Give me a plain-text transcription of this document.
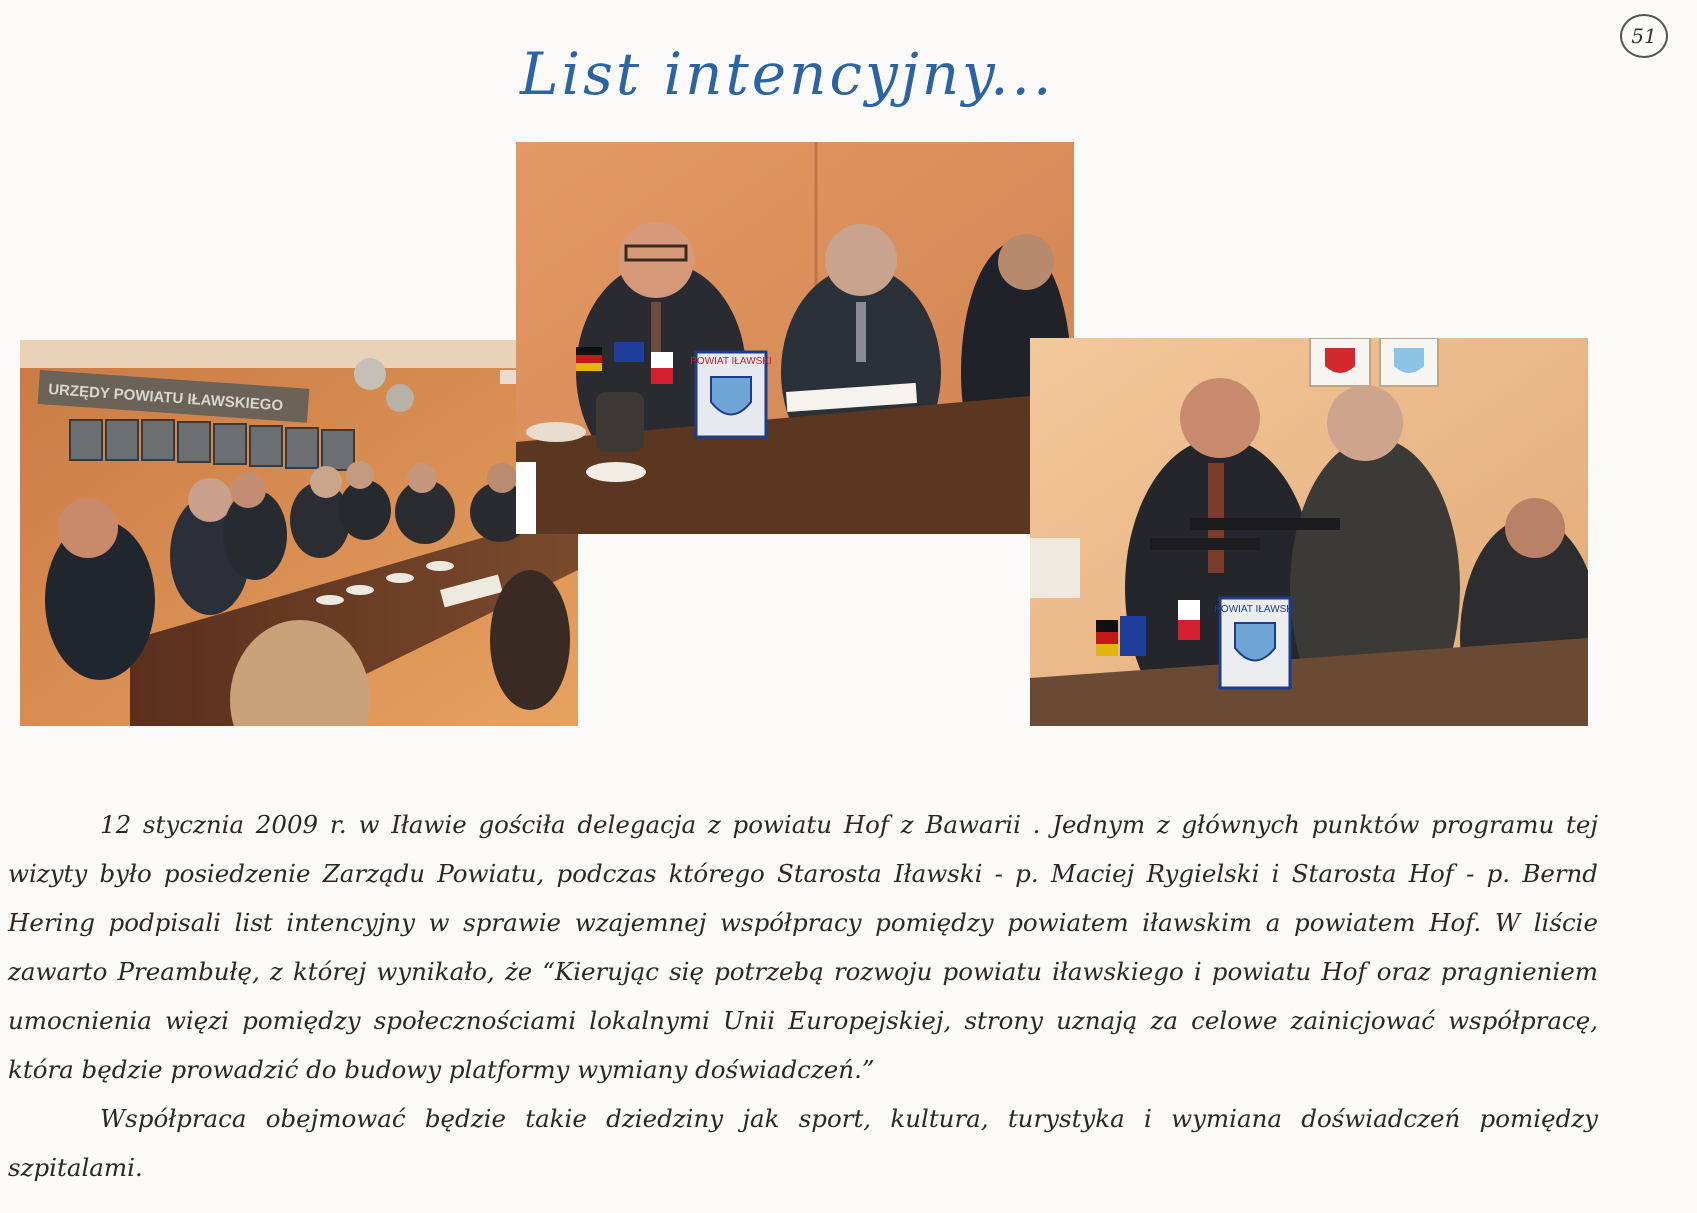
51
List intencyjny...
URZĘDY POWIATU IŁAWSKIEGO
POWIAT IŁAWSKI
POWIAT IŁAWSKI

12 stycznia 2009 r. w Iławie gościła delegacja z powiatu Hof z Bawarii . Jednym z głównych punktów programu tej wizyty było posiedzenie Zarządu Powiatu, podczas którego Starosta Iławski - p. Maciej Rygielski i Starosta Hof - p. Bernd Hering podpisali list intencyjny w sprawie wzajemnej współpracy pomiędzy powiatem iławskim a powiatem Hof. W liście zawarto Preambułę, z której wynikało, że “Kierując się potrzebą rozwoju powiatu iławskiego i powiatu Hof oraz pragnieniem umocnienia więzi pomiędzy społecznościami lokalnymi Unii Europejskiej, strony uznają za celowe zainicjować współpracę, która będzie prowadzić do budowy platformy wymiany doświadczeń.”

Współpraca obejmować będzie takie dziedziny jak sport, kultura, turystyka i wymiana doświadczeń pomiędzy szpitalami.
